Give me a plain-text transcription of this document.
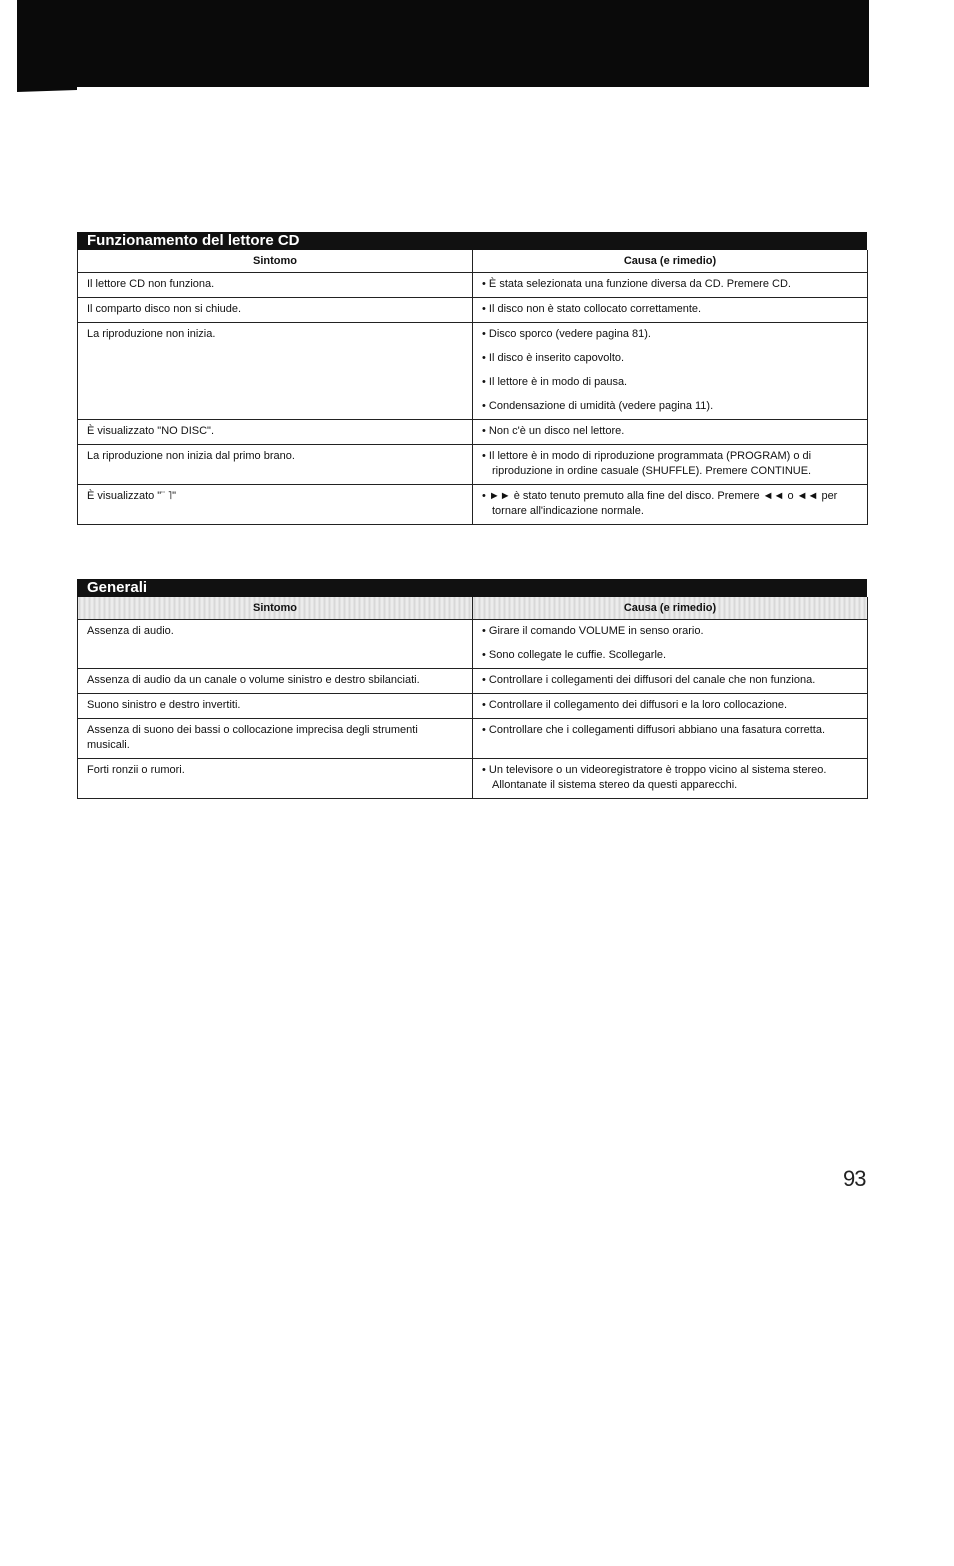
Funzionamento del lettore CD
Sintomo	Causa (e rimedio)
Il lettore CD non funziona.	• È stata selezionata una funzione diversa da CD. Premere CD.

Il comparto disco non si chiude.	• Il disco non è stato collocato correttamente.

La riproduzione non inizia.	• Disco sporco (vedere pagina 81).

• Il disco è inserito capovolto.

• Il lettore è in modo di pausa.

• Condensazione di umidità (vedere pagina 11).

È visualizzato "NO DISC".	• Non c'è un disco nel lettore.

La riproduzione non inizia dal primo brano.	• Il lettore è in modo di riproduzione programmata (PROGRAM) o di riproduzione in ordine casuale (SHUFFLE). Premere CONTINUE.

È visualizzato "¨ ˥"	• ►► è stato tenuto premuto alla fine del disco. Premere ◄◄ o ◄◄ per tornare all'indicazione normale.

Generali
Sintomo	Causa (e rimedio)
Assenza di audio.	• Girare il comando VOLUME in senso orario.

• Sono collegate le cuffie. Scollegarle.

Assenza di audio da un canale o volume sinistro e destro sbilanciati.	• Controllare i collegamenti dei diffusori del canale che non funziona.

Suono sinistro e destro invertiti.	• Controllare il collegamento dei diffusori e la loro collocazione.

Assenza di suono dei bassi o collocazione imprecisa degli strumenti musicali.	• Controllare che i collegamenti diffusori abbiano una fasatura corretta.

Forti ronzii o rumori.	• Un televisore o un videoregistratore è troppo vicino al sistema stereo. Allontanate il sistema stereo da questi apparecchi.

93
